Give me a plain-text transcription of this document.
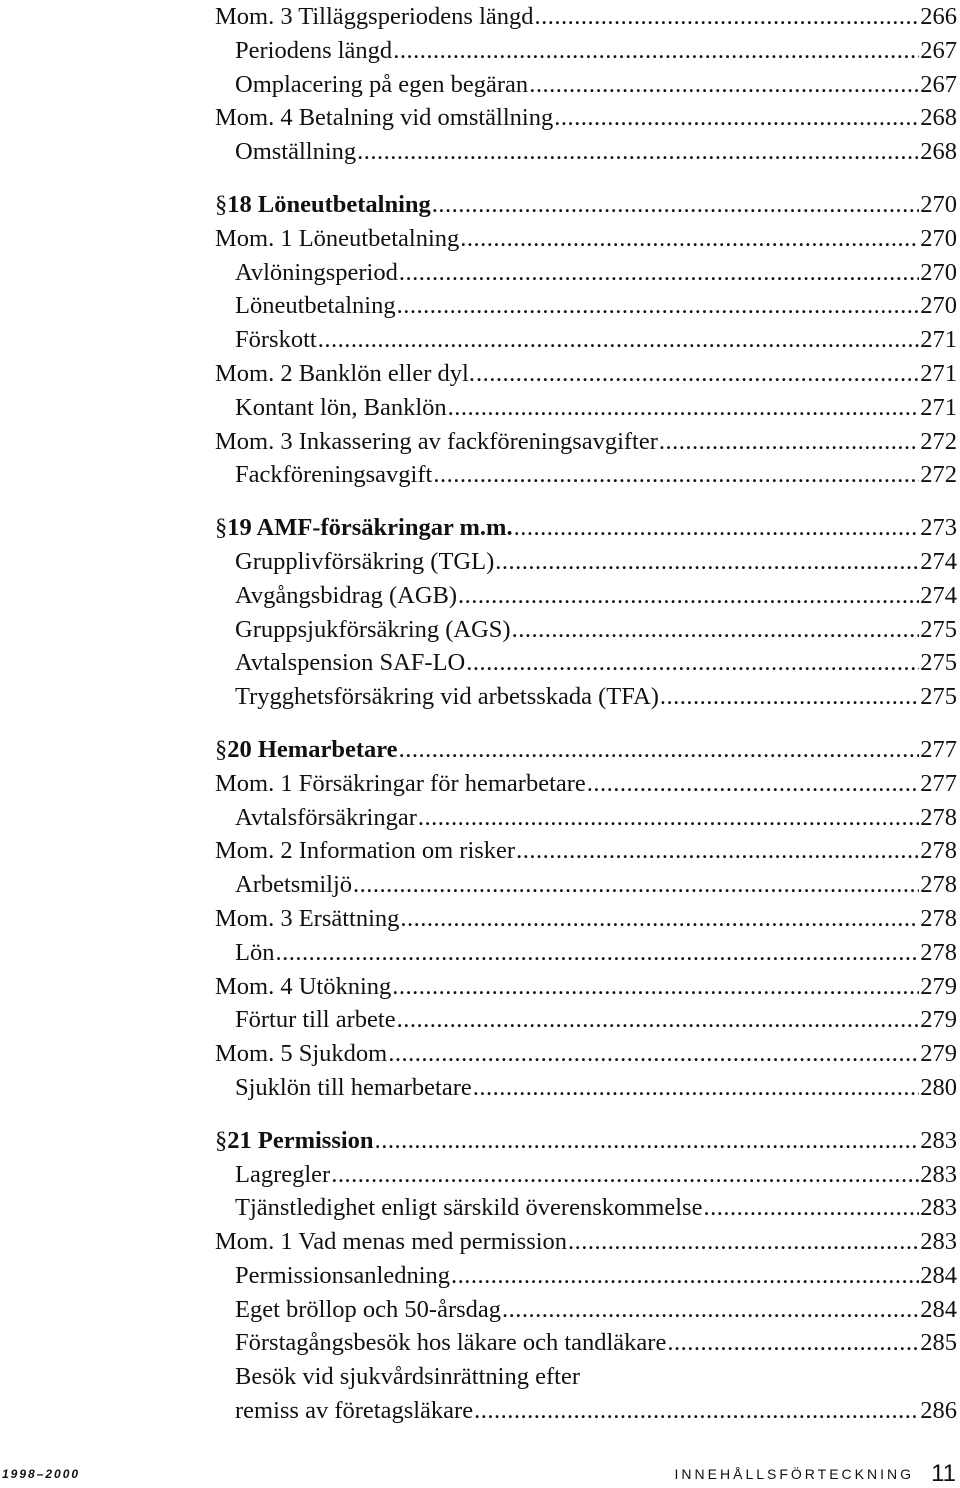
Mom. 3 Tilläggsperiodens längd .....	266
Periodens längd .....	267
Omplacering på egen begäran .....	267
Mom. 4 Betalning vid omställning .....	268
Omställning .....	268
§ 18 Löneutbetalning .....	270
Mom. 1 Löneutbetalning .....	270
Avlöningsperiod .....	270
Löneutbetalning .....	270
Förskott .....	271
Mom. 2 Banklön eller dyl. .....	271
Kontant lön, Banklön .....	271
Mom. 3 Inkassering av fackföreningsavgifter .....	272
Fackföreningsavgift .....	272
§ 19 AMF-försäkringar m.m. .....	273
Grupplivförsäkring (TGL) .....	274
Avgångsbidrag (AGB) .....	274
Gruppsjukförsäkring (AGS) .....	275
Avtalspension SAF-LO .....	275
Trygghetsförsäkring vid arbetsskada (TFA) .....	275
§ 20 Hemarbetare .....	277
Mom. 1 Försäkringar för hemarbetare .....	277
Avtalsförsäkringar .....	278
Mom. 2 Information om risker .....	278
Arbetsmiljö .....	278
Mom. 3 Ersättning .....	278
Lön .....	278
Mom. 4 Utökning .....	279
Förtur till arbete .....	279
Mom. 5 Sjukdom .....	279
Sjuklön till hemarbetare .....	280
§ 21 Permission .....	283
Lagregler .....	283
Tjänstledighet enligt särskild överenskommelse .....	283
Mom. 1 Vad menas med permission .....	283
Permissionsanledning .....	284
Eget bröllop och 50-årsdag .....	284
Förstagångsbesök hos läkare och tandläkare .....	285
Besök vid sjukvårdsinrättning efter
remiss av företagsläkare .....	286
1998–2000	INNEHÅLLSFÖRTECKNING 11
